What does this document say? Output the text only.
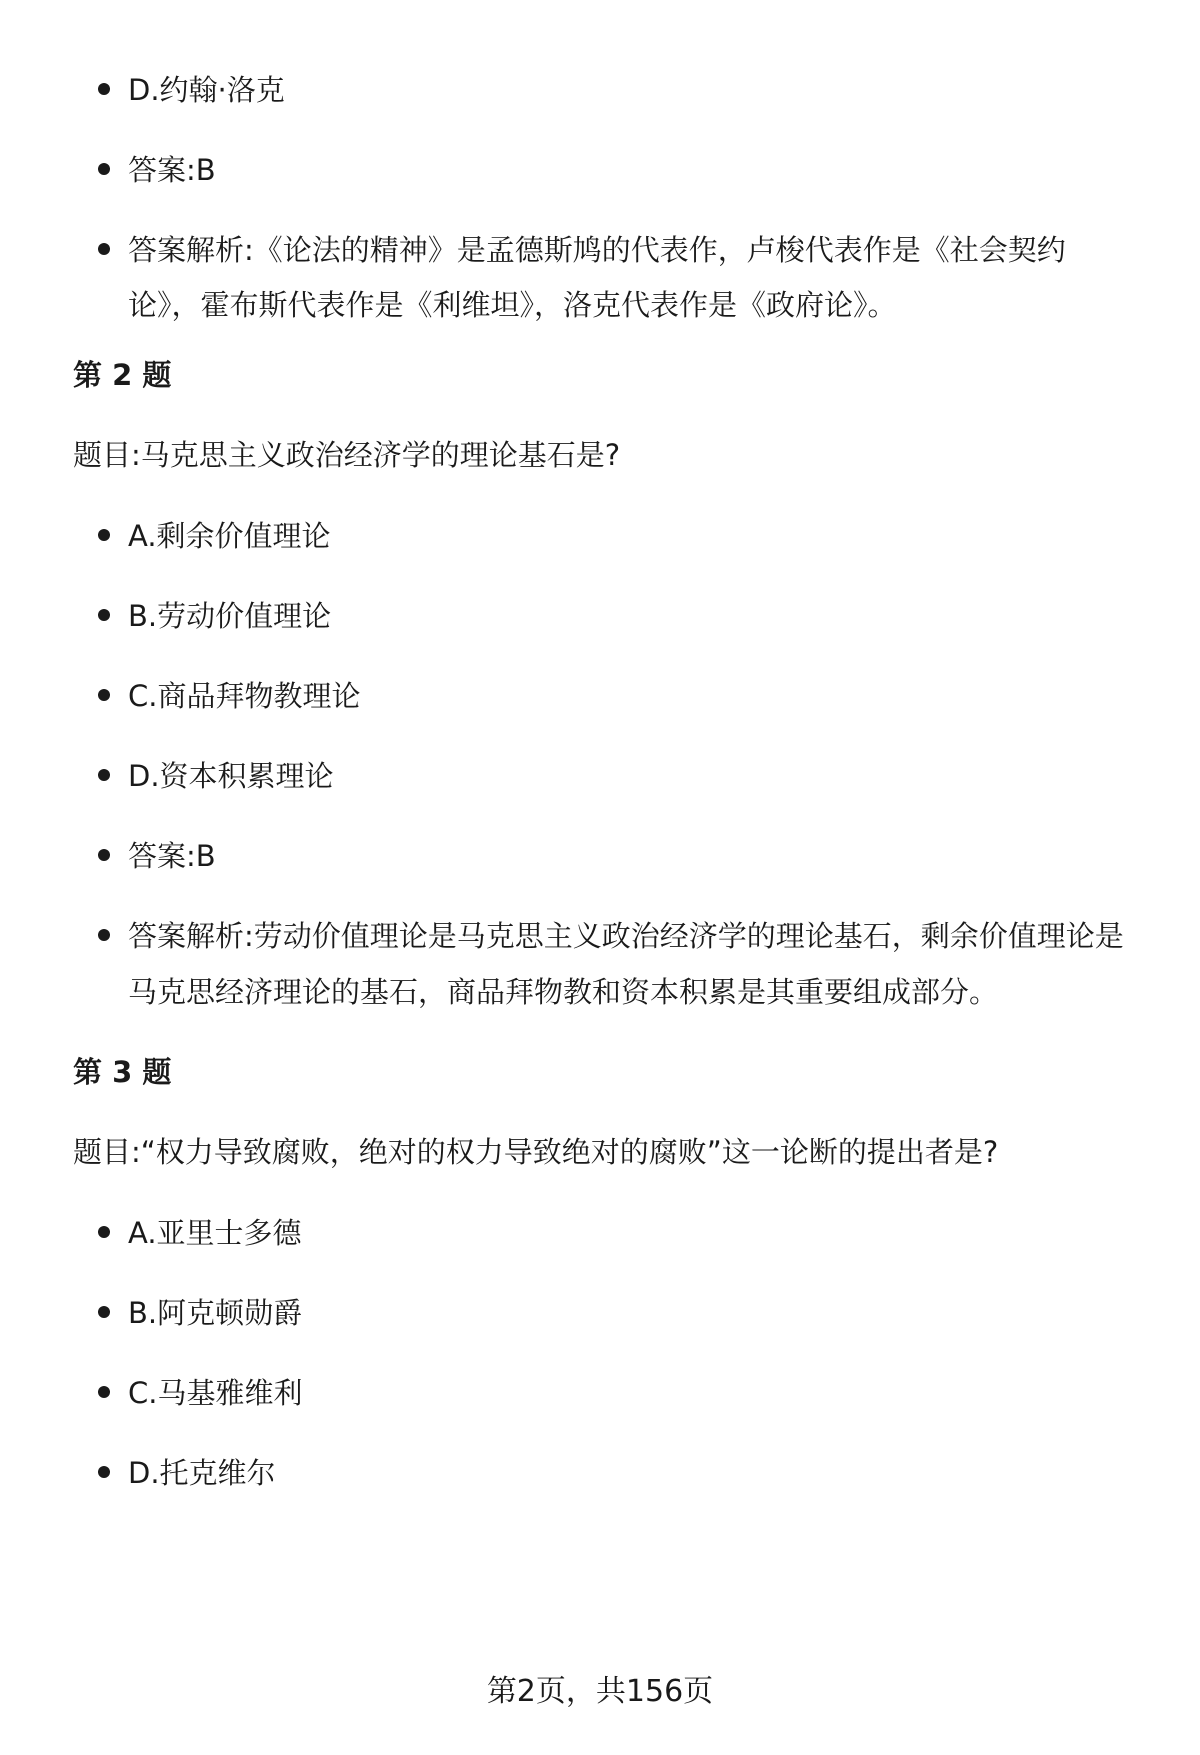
D.约翰·洛克
答案:B
答案解析:《论法的精神》是孟德斯鸠的代表作，卢梭代表作是《社会契约
论》，霍布斯代表作是《利维坦》，洛克代表作是《政府论》。
第 2 题
题目:马克思主义政治经济学的理论基石是?
A.剩余价值理论
B.劳动价值理论
C.商品拜物教理论
D.资本积累理论
答案:B
答案解析:劳动价值理论是马克思主义政治经济学的理论基石，剩余价值理论是
马克思经济理论的基石，商品拜物教和资本积累是其重要组成部分。
第 3 题
题目:“权力导致腐败，绝对的权力导致绝对的腐败”这一论断的提出者是?
A.亚里士多德
B.阿克顿勋爵
C.马基雅维利
D.托克维尔
第2页，共156页
